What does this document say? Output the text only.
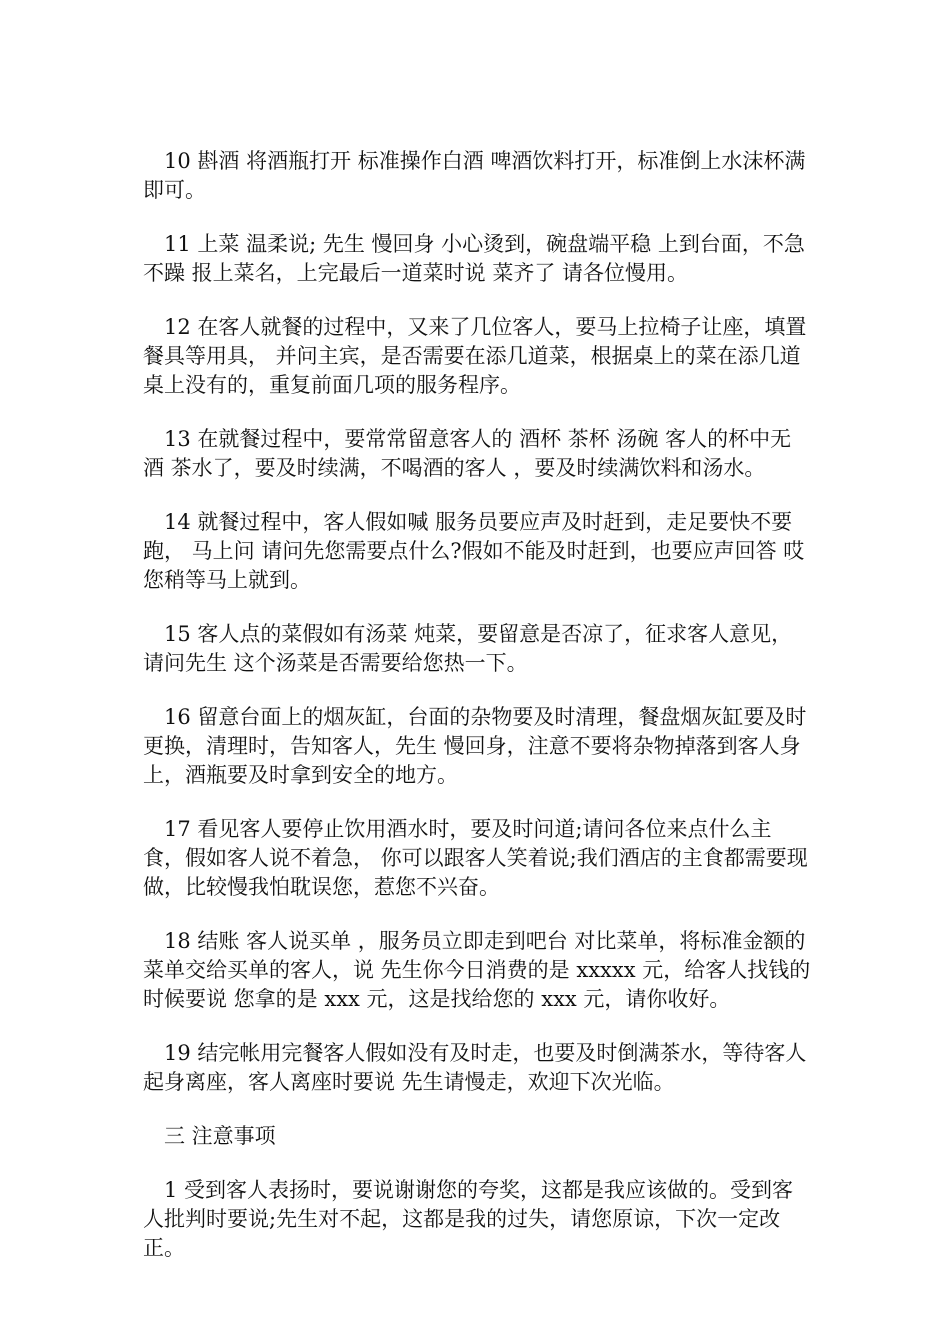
10 斟酒 将酒瓶打开 标准操作白酒 啤酒饮料打开，标准倒上水沫杯满即可。

11 上菜 温柔说; 先生 慢回身 小心烫到，碗盘端平稳 上到台面，不急不躁 报上菜名，上完最后一道菜时说 菜齐了 请各位慢用。

12 在客人就餐的过程中，又来了几位客人，要马上拉椅子让座，填置餐具等用具， 并问主宾，是否需要在添几道菜，根据桌上的菜在添几道桌上没有的，重复前面几项的服务程序。

13 在就餐过程中，要常常留意客人的 酒杯 茶杯 汤碗 客人的杯中无酒 茶水了，要及时续满，不喝酒的客人 ，要及时续满饮料和汤水。

14 就餐过程中，客人假如喊 服务员要应声及时赶到，走足要快不要跑， 马上问 请问先您需要点什么?假如不能及时赶到，也要应声回答 哎 您稍等马上就到。

15 客人点的菜假如有汤菜 炖菜，要留意是否凉了，征求客人意见，请问先生 这个汤菜是否需要给您热一下。

16 留意台面上的烟灰缸，台面的杂物要及时清理，餐盘烟灰缸要及时更换，清理时，告知客人，先生 慢回身，注意不要将杂物掉落到客人身上，酒瓶要及时拿到安全的地方。

17 看见客人要停止饮用酒水时，要及时问道;请问各位来点什么主食，假如客人说不着急， 你可以跟客人笑着说;我们酒店的主食都需要现做，比较慢我怕耽误您，惹您不兴奋。

18 结账 客人说买单 ，服务员立即走到吧台 对比菜单，将标准金额的菜单交给买单的客人，说 先生你今日消费的是 xxxxx 元，给客人找钱的时候要说 您拿的是 xxx 元，这是找给您的 xxx 元，请你收好。

19 结完帐用完餐客人假如没有及时走，也要及时倒满茶水，等待客人起身离座，客人离座时要说 先生请慢走，欢迎下次光临。

三 注意事项

1 受到客人表扬时，要说谢谢您的夸奖，这都是我应该做的。受到客人批判时要说;先生对不起，这都是我的过失，请您原谅，下次一定改正。
